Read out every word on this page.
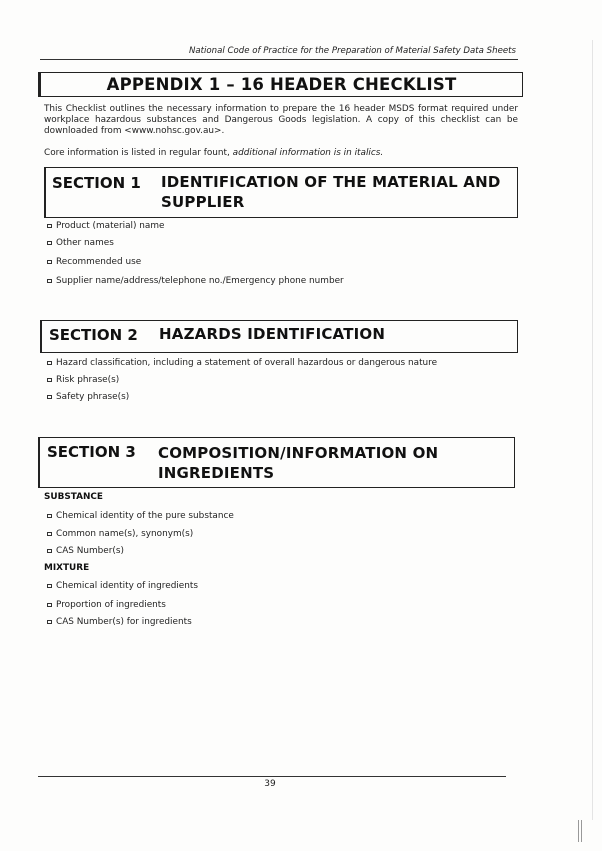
National Code of Practice for the Preparation of Material Safety Data Sheets
APPENDIX 1 – 16 HEADER CHECKLIST
This Checklist outlines the necessary information to prepare the 16 header MSDS format required under workplace hazardous substances and Dangerous Goods legislation. A copy of this checklist can be downloaded from <www.nohsc.gov.au>.
Core information is listed in regular fount, additional information is in italics.
SECTION 1 IDENTIFICATION OF THE MATERIAL AND SUPPLIER
Product (material) name
Other names
Recommended use
Supplier name/address/telephone no./Emergency phone number
SECTION 2 HAZARDS IDENTIFICATION
Hazard classification, including a statement of overall hazardous or dangerous nature
Risk phrase(s)
Safety phrase(s)
SECTION 3 COMPOSITION/INFORMATION ON INGREDIENTS
SUBSTANCE
Chemical identity of the pure substance
Common name(s), synonym(s)
CAS Number(s)
MIXTURE
Chemical identity of ingredients
Proportion of ingredients
CAS Number(s) for ingredients
39
